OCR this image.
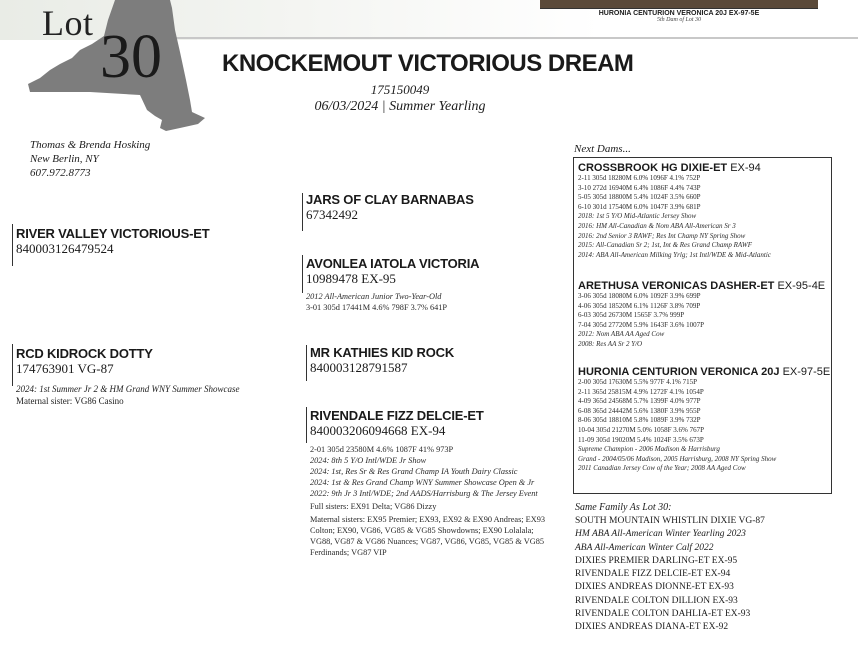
HURONIA CENTURION VERONICA 20J EX-97-5E
5th Dam of Lot 30
Lot 30	KNOCKEMOUT VICTORIOUS DREAM
175150049
06/03/2024 | Summer Yearling
Thomas & Brenda Hosking
New Berlin, NY
607.972.8773
RIVER VALLEY VICTORIOUS-ET
840003126479524
RCD KIDROCK DOTTY
174763901 VG-87
2024: 1st Summer Jr 2 & HM Grand WNY Summer Showcase
Maternal sister: VG86 Casino
JARS OF CLAY BARNABAS
67342492
AVONLEA IATOLA VICTORIA
10989478 EX-95
2012 All-American Junior Two-Year-Old
3-01 305d 17441M 4.6% 798F 3.7% 641P
MR KATHIES KID ROCK
840003128791587
RIVENDALE FIZZ DELCIE-ET
840003206094668 EX-94
2-01 305d 23580M 4.6% 1087F 41% 973P
2024: 8th 5 Y/O Intl/WDE Jr Show
2024: 1st, Res Sr & Res Grand Champ IA Youth Dairy Classic
2024: 1st & Res Grand Champ WNY Summer Showcase Open & Jr
2022: 9th Jr 3 Intl/WDE; 2nd AADS/Harrisburg & The Jersey Event
Full sisters: EX91 Delta; VG86 Dizzy
Maternal sisters: EX95 Premier; EX93, EX92 & EX90 Andreas; EX93
Colton; EX90, VG86, VG85 & VG85 Showdowns; EX90 Lolalala;
VG88, VG87 & VG86 Nuances; VG87, VG86, VG85, VG85 & VG85
Ferdinands; VG87 VIP
Next Dams...
CROSSBROOK HG DIXIE-ET EX-94
2-11 305d 18280M 6.0% 1096F 4.1% 752P
3-10 272d 16940M 6.4% 1086F 4.4% 743P
5-05 305d 18800M 5.4% 1024F 3.5% 660P
6-10 301d 17540M 6.0% 1047F 3.9% 681P
2018: 1st 5 Y/O Mid-Atlantic Jersey Show
2016: HM All-Canadian & Nom ABA All-American Sr 3
2016: 2nd Senior 3 RAWF; Res Int Champ NY Spring Show
2015: All-Canadian Sr 2; 1st, Int & Res Grand Champ RAWF
2014: ABA All-American Milking Yrlg; 1st Intl/WDE & Mid-Atlantic
ARETHUSA VERONICAS DASHER-ET EX-95-4E
3-06 305d 18080M 6.0% 1092F 3.9% 699P
4-06 305d 18520M 6.1% 1126F 3.8% 709P
6-03 305d 26730M 1565F 3.7% 999P
7-04 305d 27720M 5.9% 1643F 3.6% 1007P
2012: Nom ABA AA Aged Cow
2008: Res AA Sr 2 Y/O
HURONIA CENTURION VERONICA 20J EX-97-5E
2-00 305d 17630M 5.5% 977F 4.1% 715P
2-11 365d 25815M 4.9% 1272F 4.1% 1054P
4-09 365d 24568M 5.7% 1399F 4.0% 977P
6-08 365d 24442M 5.6% 1380F 3.9% 955P
8-06 305d 18810M 5.8% 1089F 3.9% 732P
10-04 305d 21270M 5.0% 1058F 3.6% 767P
11-09 305d 19020M 5.4% 1024F 3.5% 673P
Supreme Champion - 2006 Madison & Harrisburg
Grand - 2004/05/06 Madison, 2005 Harrisburg, 2008 NY Spring Show
2011 Canadian Jersey Cow of the Year; 2008 AA Aged Cow
Same Family As Lot 30:
SOUTH MOUNTAIN WHISTLIN DIXIE VG-87
HM ABA All-American Winter Yearling 2023
ABA All-American Winter Calf 2022
DIXIES PREMIER DARLING-ET EX-95
RIVENDALE FIZZ DELCIE-ET EX-94
DIXIES ANDREAS DIONNE-ET EX-93
RIVENDALE COLTON DILLION EX-93
RIVENDALE COLTON DAHLIA-ET EX-93
DIXIES ANDREAS DIANA-ET EX-92
